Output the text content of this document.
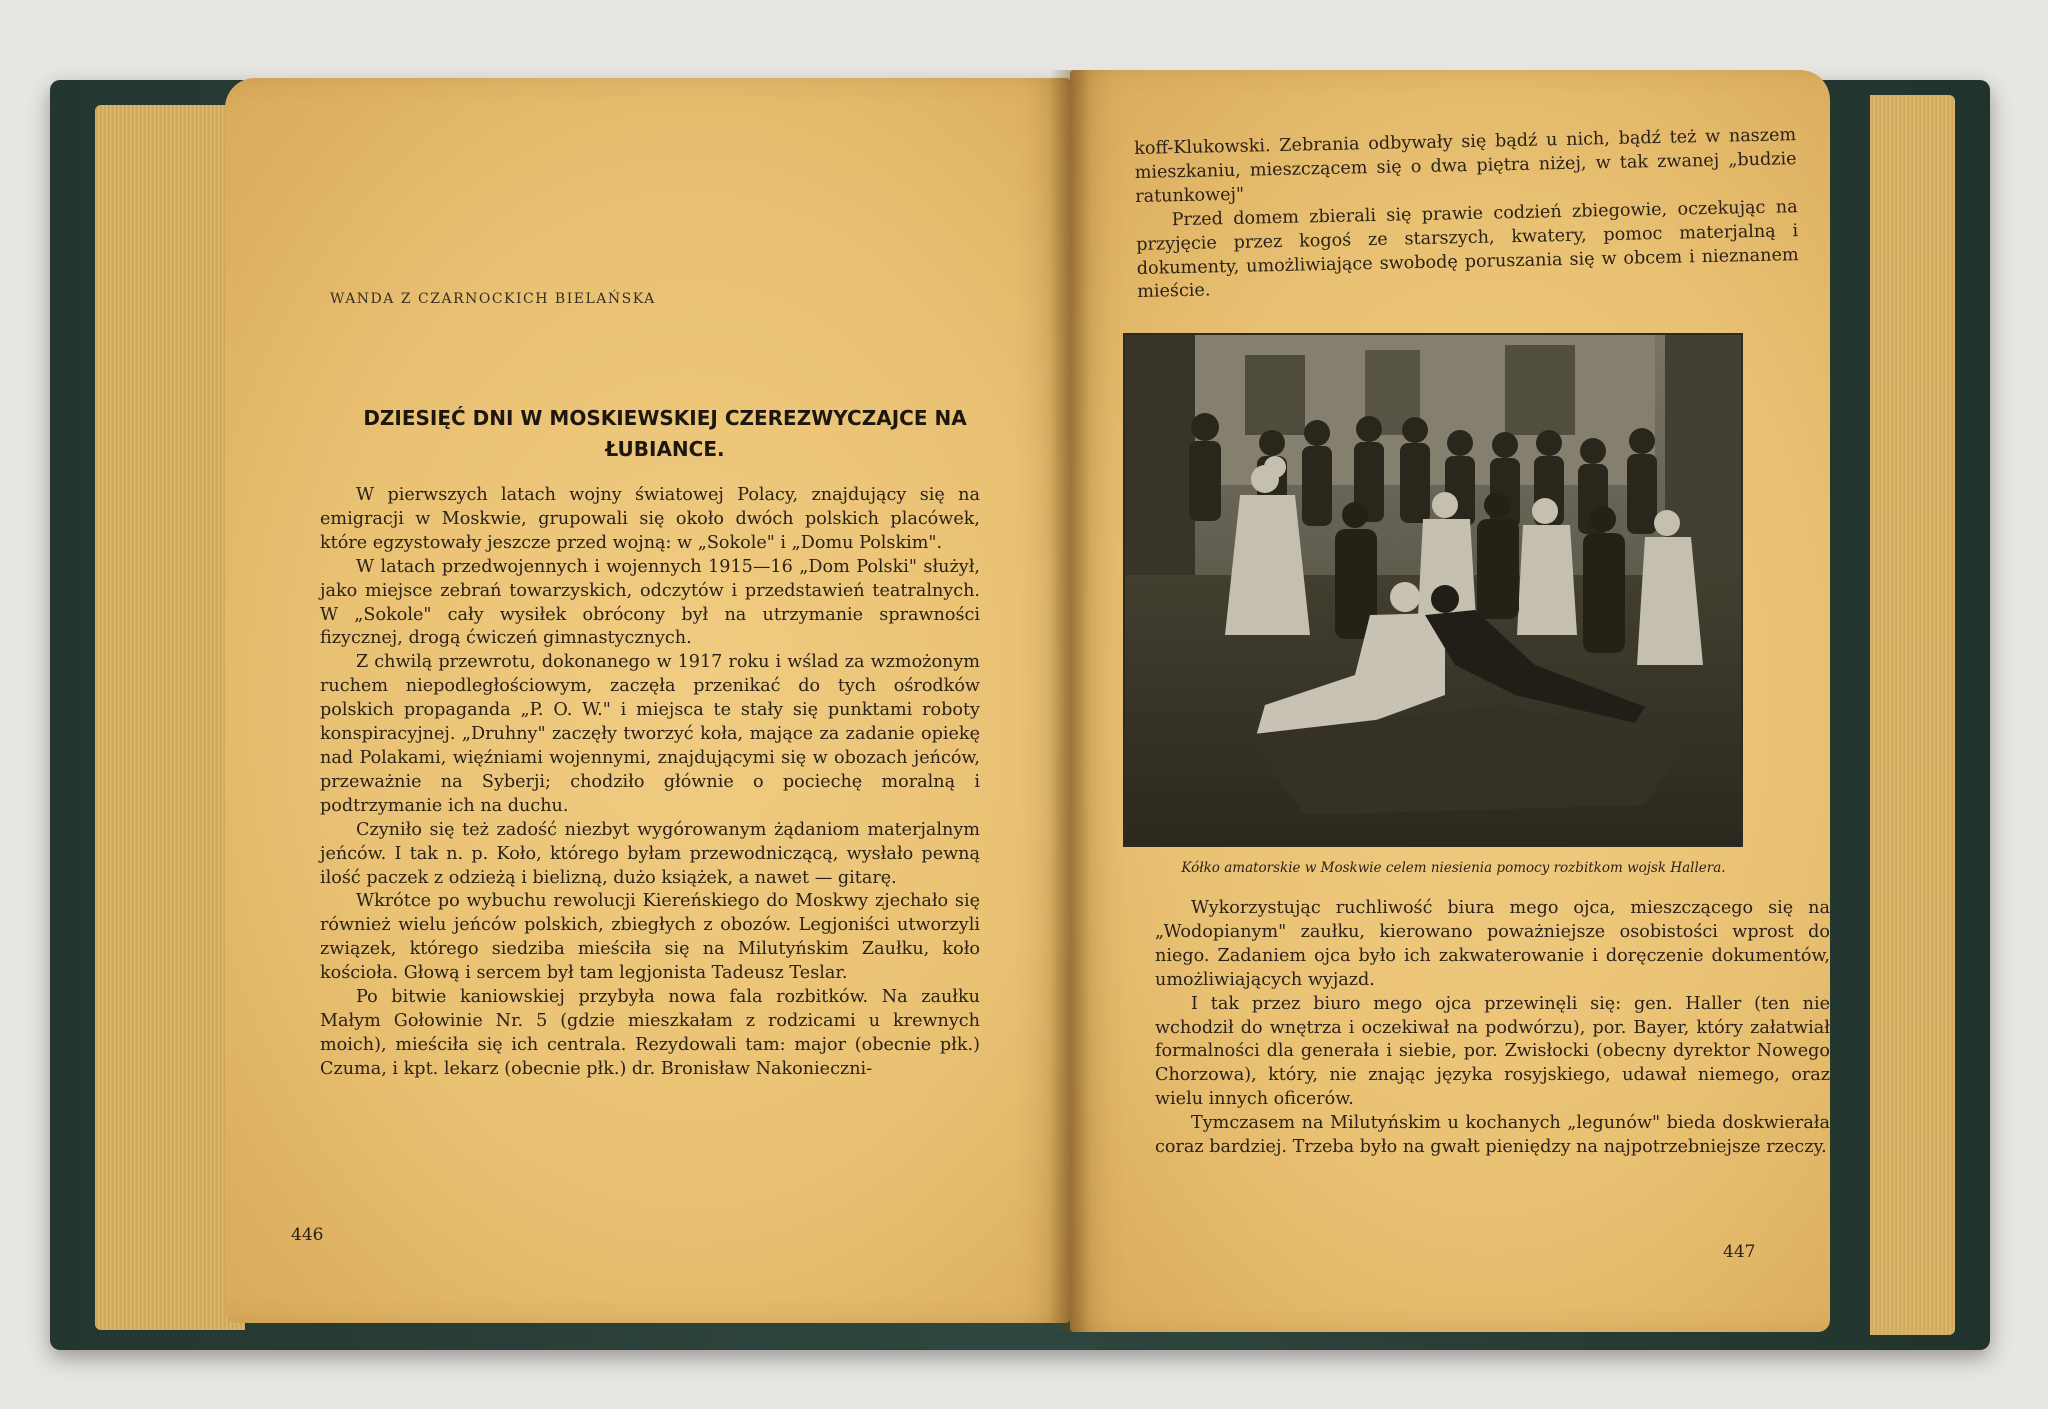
WANDA Z CZARNOCKICH BIELAŃSKA

DZIESIĘĆ DNI W MOSKIEWSKIEJ CZEREZWYCZAJCE NA ŁUBIANCE.

W pierwszych latach wojny światowej Polacy, znajdujący się na emigracji w Moskwie, grupowali się około dwóch polskich placówek, które egzystowały jeszcze przed wojną: w „Sokole" i „Domu Polskim".

W latach przedwojennych i wojennych 1915—16 „Dom Polski" służył, jako miejsce zebrań towarzyskich, odczytów i przedstawień teatralnych. W „Sokole" cały wysiłek obrócony był na utrzymanie sprawności fizycznej, drogą ćwiczeń gimnastycznych.

Z chwilą przewrotu, dokonanego w 1917 roku i wślad za wzmożonym ruchem niepodległościowym, zaczęła przenikać do tych ośrodków polskich propaganda „P. O. W." i miejsca te stały się punktami roboty konspiracyjnej. „Druhny" zaczęły tworzyć koła, mające za zadanie opiekę nad Polakami, więźniami wojennymi, znajdującymi się w obozach jeńców, przeważnie na Syberji; chodziło głównie o pociechę moralną i podtrzymanie ich na duchu.

Czyniło się też zadość niezbyt wygórowanym żądaniom materjalnym jeńców. I tak n. p. Koło, którego byłam przewodniczącą, wysłało pewną ilość paczek z odzieżą i bielizną, dużo książek, a nawet — gitarę.

Wkrótce po wybuchu rewolucji Kiereńskiego do Moskwy zjechało się również wielu jeńców polskich, zbiegłych z obozów. Legjoniści utworzyli związek, którego siedziba mieściła się na Milutyńskim Zaułku, koło kościoła. Głową i sercem był tam legjonista Tadeusz Teslar.

Po bitwie kaniowskiej przybyła nowa fala rozbitków. Na zaułku Małym Gołowinie Nr. 5 (gdzie mieszkałam z rodzicami u krewnych moich), mieściła się ich centrala. Rezydowali tam: major (obecnie płk.) Czuma, i kpt. lekarz (obecnie płk.) dr. Bronisław Nakonieczni-

446

koff-Klukowski. Zebrania odbywały się bądź u nich, bądź też w naszem mieszkaniu, mieszczącem się o dwa piętra niżej, w tak zwanej „budzie ratunkowej"

Przed domem zbierali się prawie codzień zbiegowie, oczekując na przyjęcie przez kogoś ze starszych, kwatery, pomoc materjalną i dokumenty, umożliwiające swobodę poruszania się w obcem i nieznanem mieście.

Kółko amatorskie w Moskwie celem niesienia pomocy rozbitkom wojsk Hallera.

Wykorzystując ruchliwość biura mego ojca, mieszczącego się na „Wodopianym" zaułku, kierowano poważniejsze osobistości wprost do niego. Zadaniem ojca było ich zakwaterowanie i doręczenie dokumentów, umożliwiających wyjazd.

I tak przez biuro mego ojca przewinęli się: gen. Haller (ten nie wchodził do wnętrza i oczekiwał na podwórzu), por. Bayer, który załatwiał formalności dla generała i siebie, por. Zwisłocki (obecny dyrektor Nowego Chorzowa), który, nie znając języka rosyjskiego, udawał niemego, oraz wielu innych oficerów.

Tymczasem na Milutyńskim u kochanych „legunów" bieda doskwierała coraz bardziej. Trzeba było na gwałt pieniędzy na najpotrzebniejsze rzeczy.

447
